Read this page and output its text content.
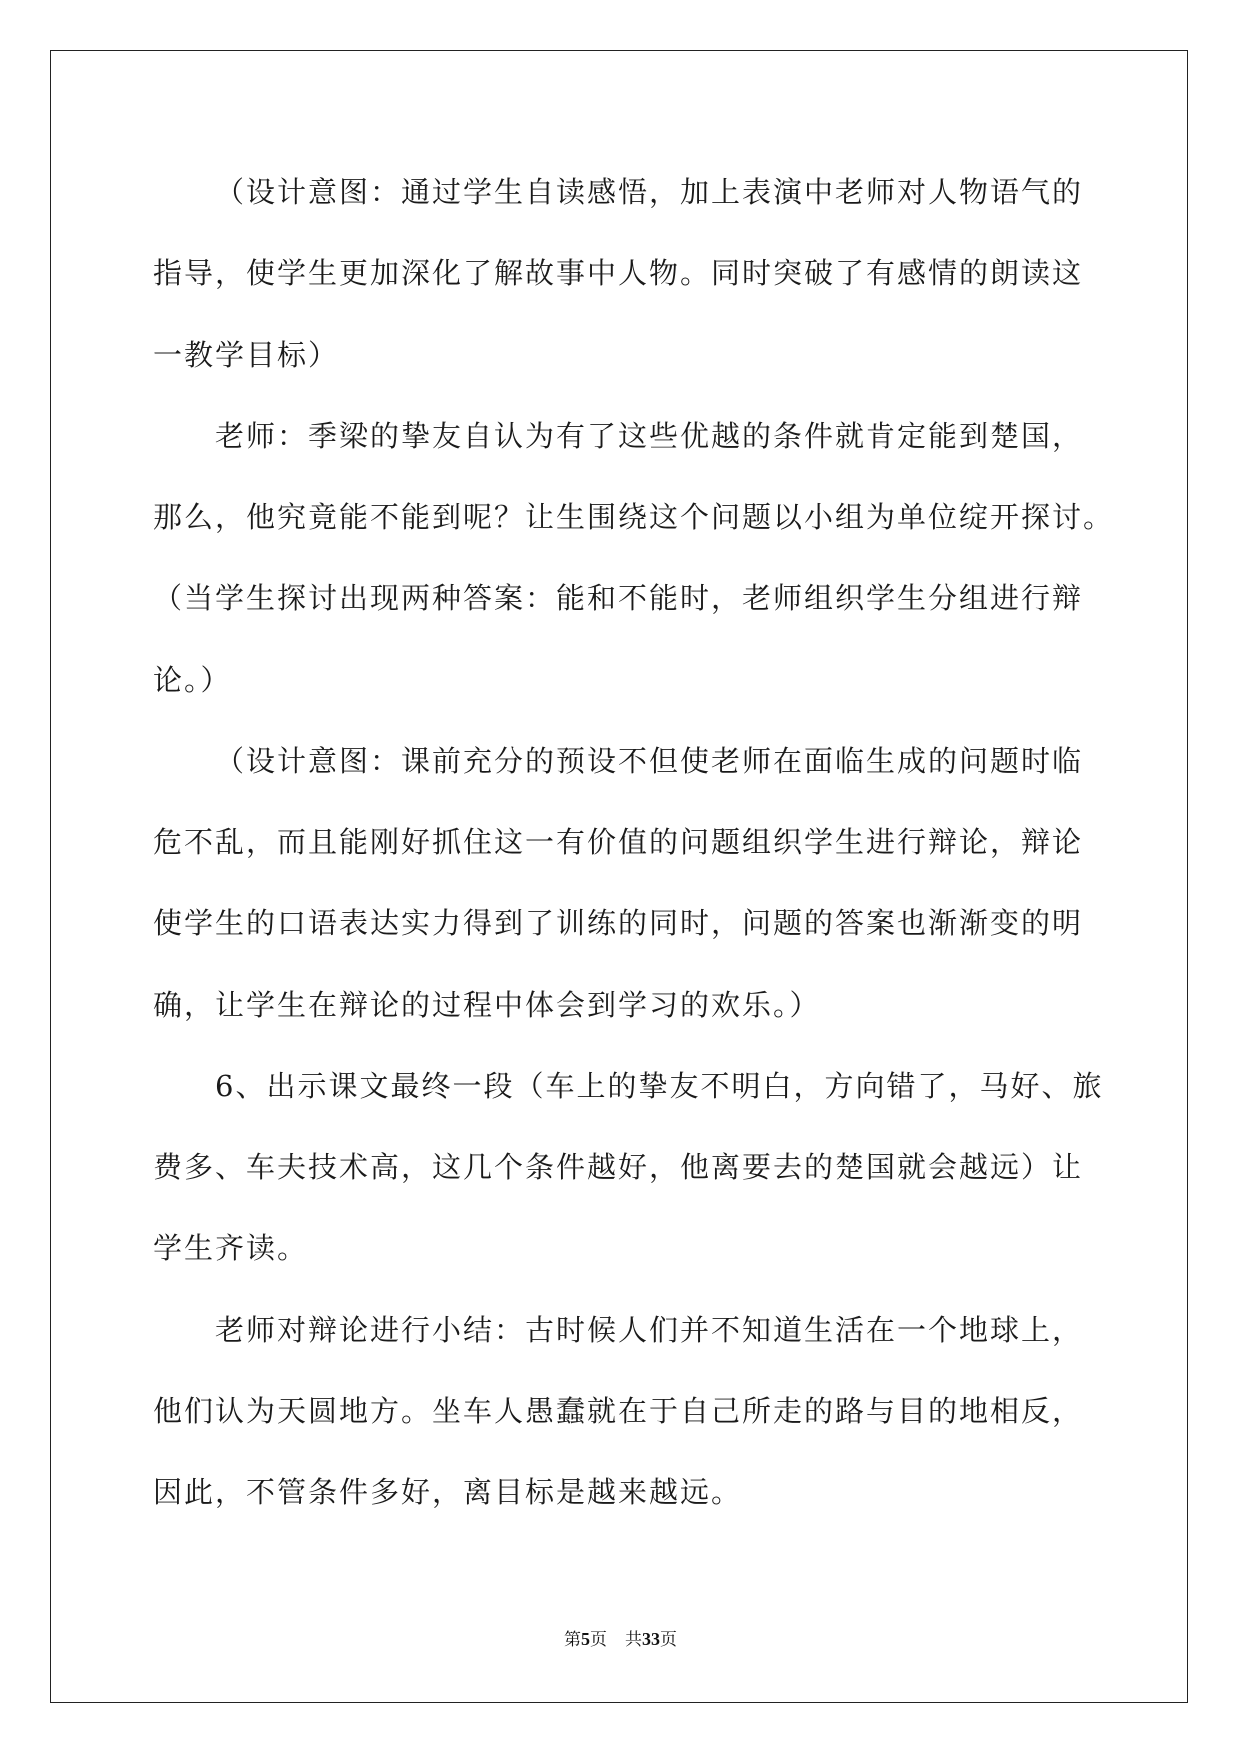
（设计意图：通过学生自读感悟，加上表演中老师对人物语气的
指导，使学生更加深化了解故事中人物。同时突破了有感情的朗读这
一教学目标）
老师：季梁的挚友自认为有了这些优越的条件就肯定能到楚国，
那么，他究竟能不能到呢？让生围绕这个问题以小组为单位绽开探讨。
（当学生探讨出现两种答案：能和不能时，老师组织学生分组进行辩
论。）
（设计意图：课前充分的预设不但使老师在面临生成的问题时临
危不乱，而且能刚好抓住这一有价值的问题组织学生进行辩论，辩论
使学生的口语表达实力得到了训练的同时，问题的答案也渐渐变的明
确，让学生在辩论的过程中体会到学习的欢乐。）
6、出示课文最终一段（车上的挚友不明白，方向错了，马好、旅
费多、车夫技术高，这几个条件越好，他离要去的楚国就会越远）让
学生齐读。
老师对辩论进行小结：古时候人们并不知道生活在一个地球上，
他们认为天圆地方。坐车人愚蠢就在于自己所走的路与目的地相反，
因此，不管条件多好，离目标是越来越远。
第5页 共33页
